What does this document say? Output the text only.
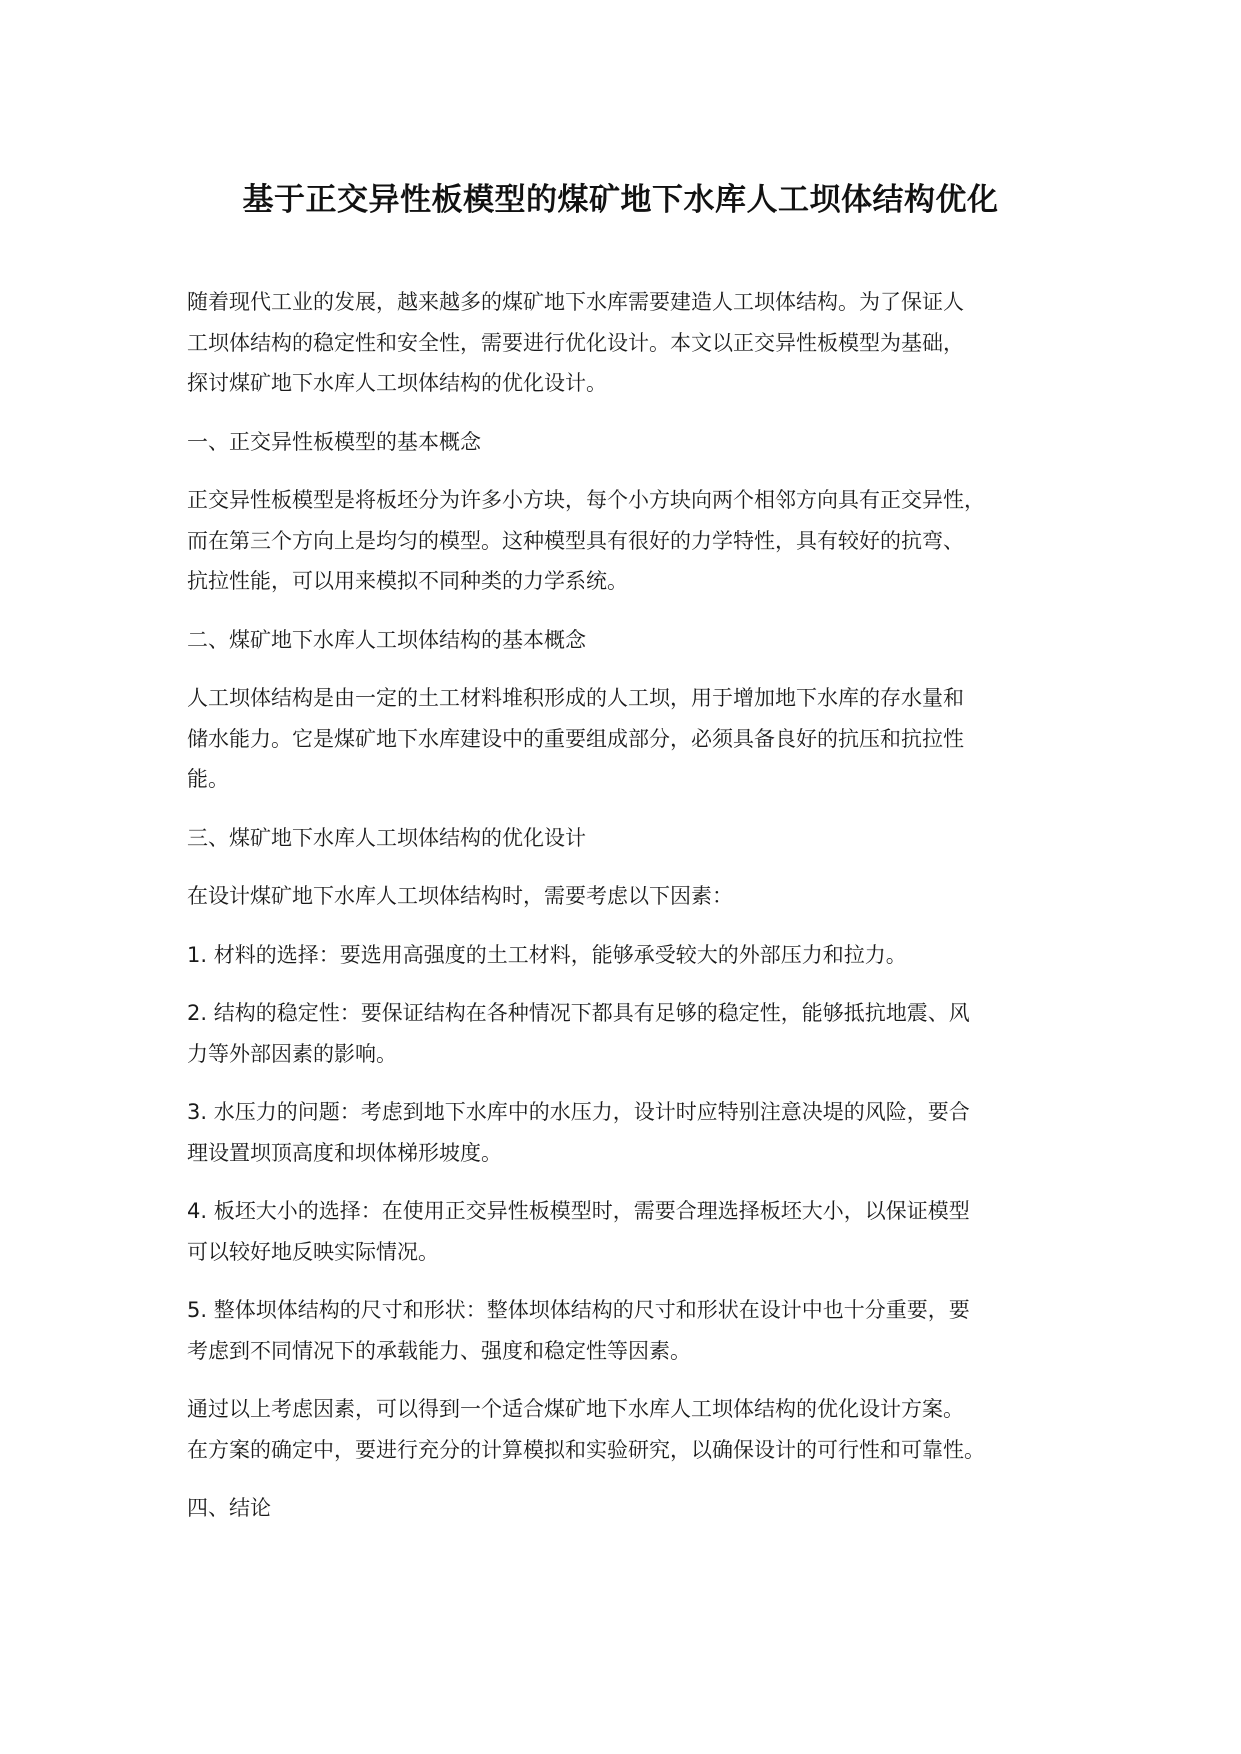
基于正交异性板模型的煤矿地下水库人工坝体结构优化
随着现代工业的发展，越来越多的煤矿地下水库需要建造人工坝体结构。为了保证人
工坝体结构的稳定性和安全性，需要进行优化设计。本文以正交异性板模型为基础，
探讨煤矿地下水库人工坝体结构的优化设计。
一、正交异性板模型的基本概念
正交异性板模型是将板坯分为许多小方块，每个小方块向两个相邻方向具有正交异性，
而在第三个方向上是均匀的模型。这种模型具有很好的力学特性，具有较好的抗弯、
抗拉性能，可以用来模拟不同种类的力学系统。
二、煤矿地下水库人工坝体结构的基本概念
人工坝体结构是由一定的土工材料堆积形成的人工坝，用于增加地下水库的存水量和
储水能力。它是煤矿地下水库建设中的重要组成部分，必须具备良好的抗压和抗拉性
能。
三、煤矿地下水库人工坝体结构的优化设计
在设计煤矿地下水库人工坝体结构时，需要考虑以下因素：
1. 材料的选择：要选用高强度的土工材料，能够承受较大的外部压力和拉力。
2. 结构的稳定性：要保证结构在各种情况下都具有足够的稳定性，能够抵抗地震、风
力等外部因素的影响。
3. 水压力的问题：考虑到地下水库中的水压力，设计时应特别注意决堤的风险，要合
理设置坝顶高度和坝体梯形坡度。
4. 板坯大小的选择：在使用正交异性板模型时，需要合理选择板坯大小，以保证模型
可以较好地反映实际情况。
5. 整体坝体结构的尺寸和形状：整体坝体结构的尺寸和形状在设计中也十分重要，要
考虑到不同情况下的承载能力、强度和稳定性等因素。
通过以上考虑因素，可以得到一个适合煤矿地下水库人工坝体结构的优化设计方案。
在方案的确定中，要进行充分的计算模拟和实验研究，以确保设计的可行性和可靠性。
四、结论
